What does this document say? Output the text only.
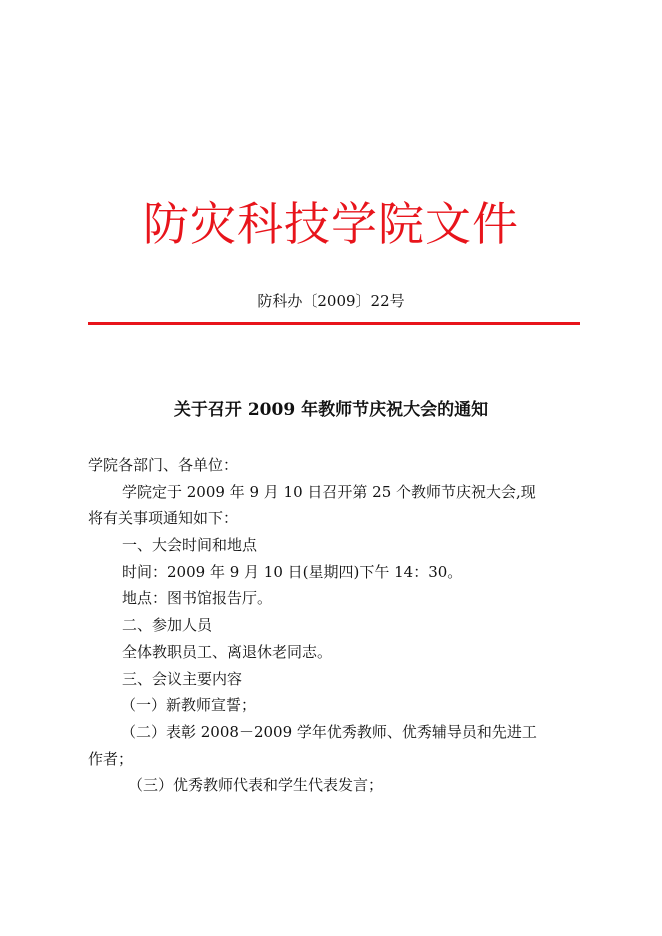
防灾科技学院文件
防科办〔2009〕22号
关于召开 2009 年教师节庆祝大会的通知
学院各部门、各单位：
学院定于 2009 年 9 月 10 日召开第 25 个教师节庆祝大会,现
将有关事项通知如下：
一、大会时间和地点
时间：2009 年 9 月 10 日(星期四)下午 14：30。
地点：图书馆报告厅。
二、参加人员
全体教职员工、离退休老同志。
三、会议主要内容
（一）新教师宣誓；
（二）表彰 2008－2009 学年优秀教师、优秀辅导员和先进工
作者；
（三）优秀教师代表和学生代表发言；
